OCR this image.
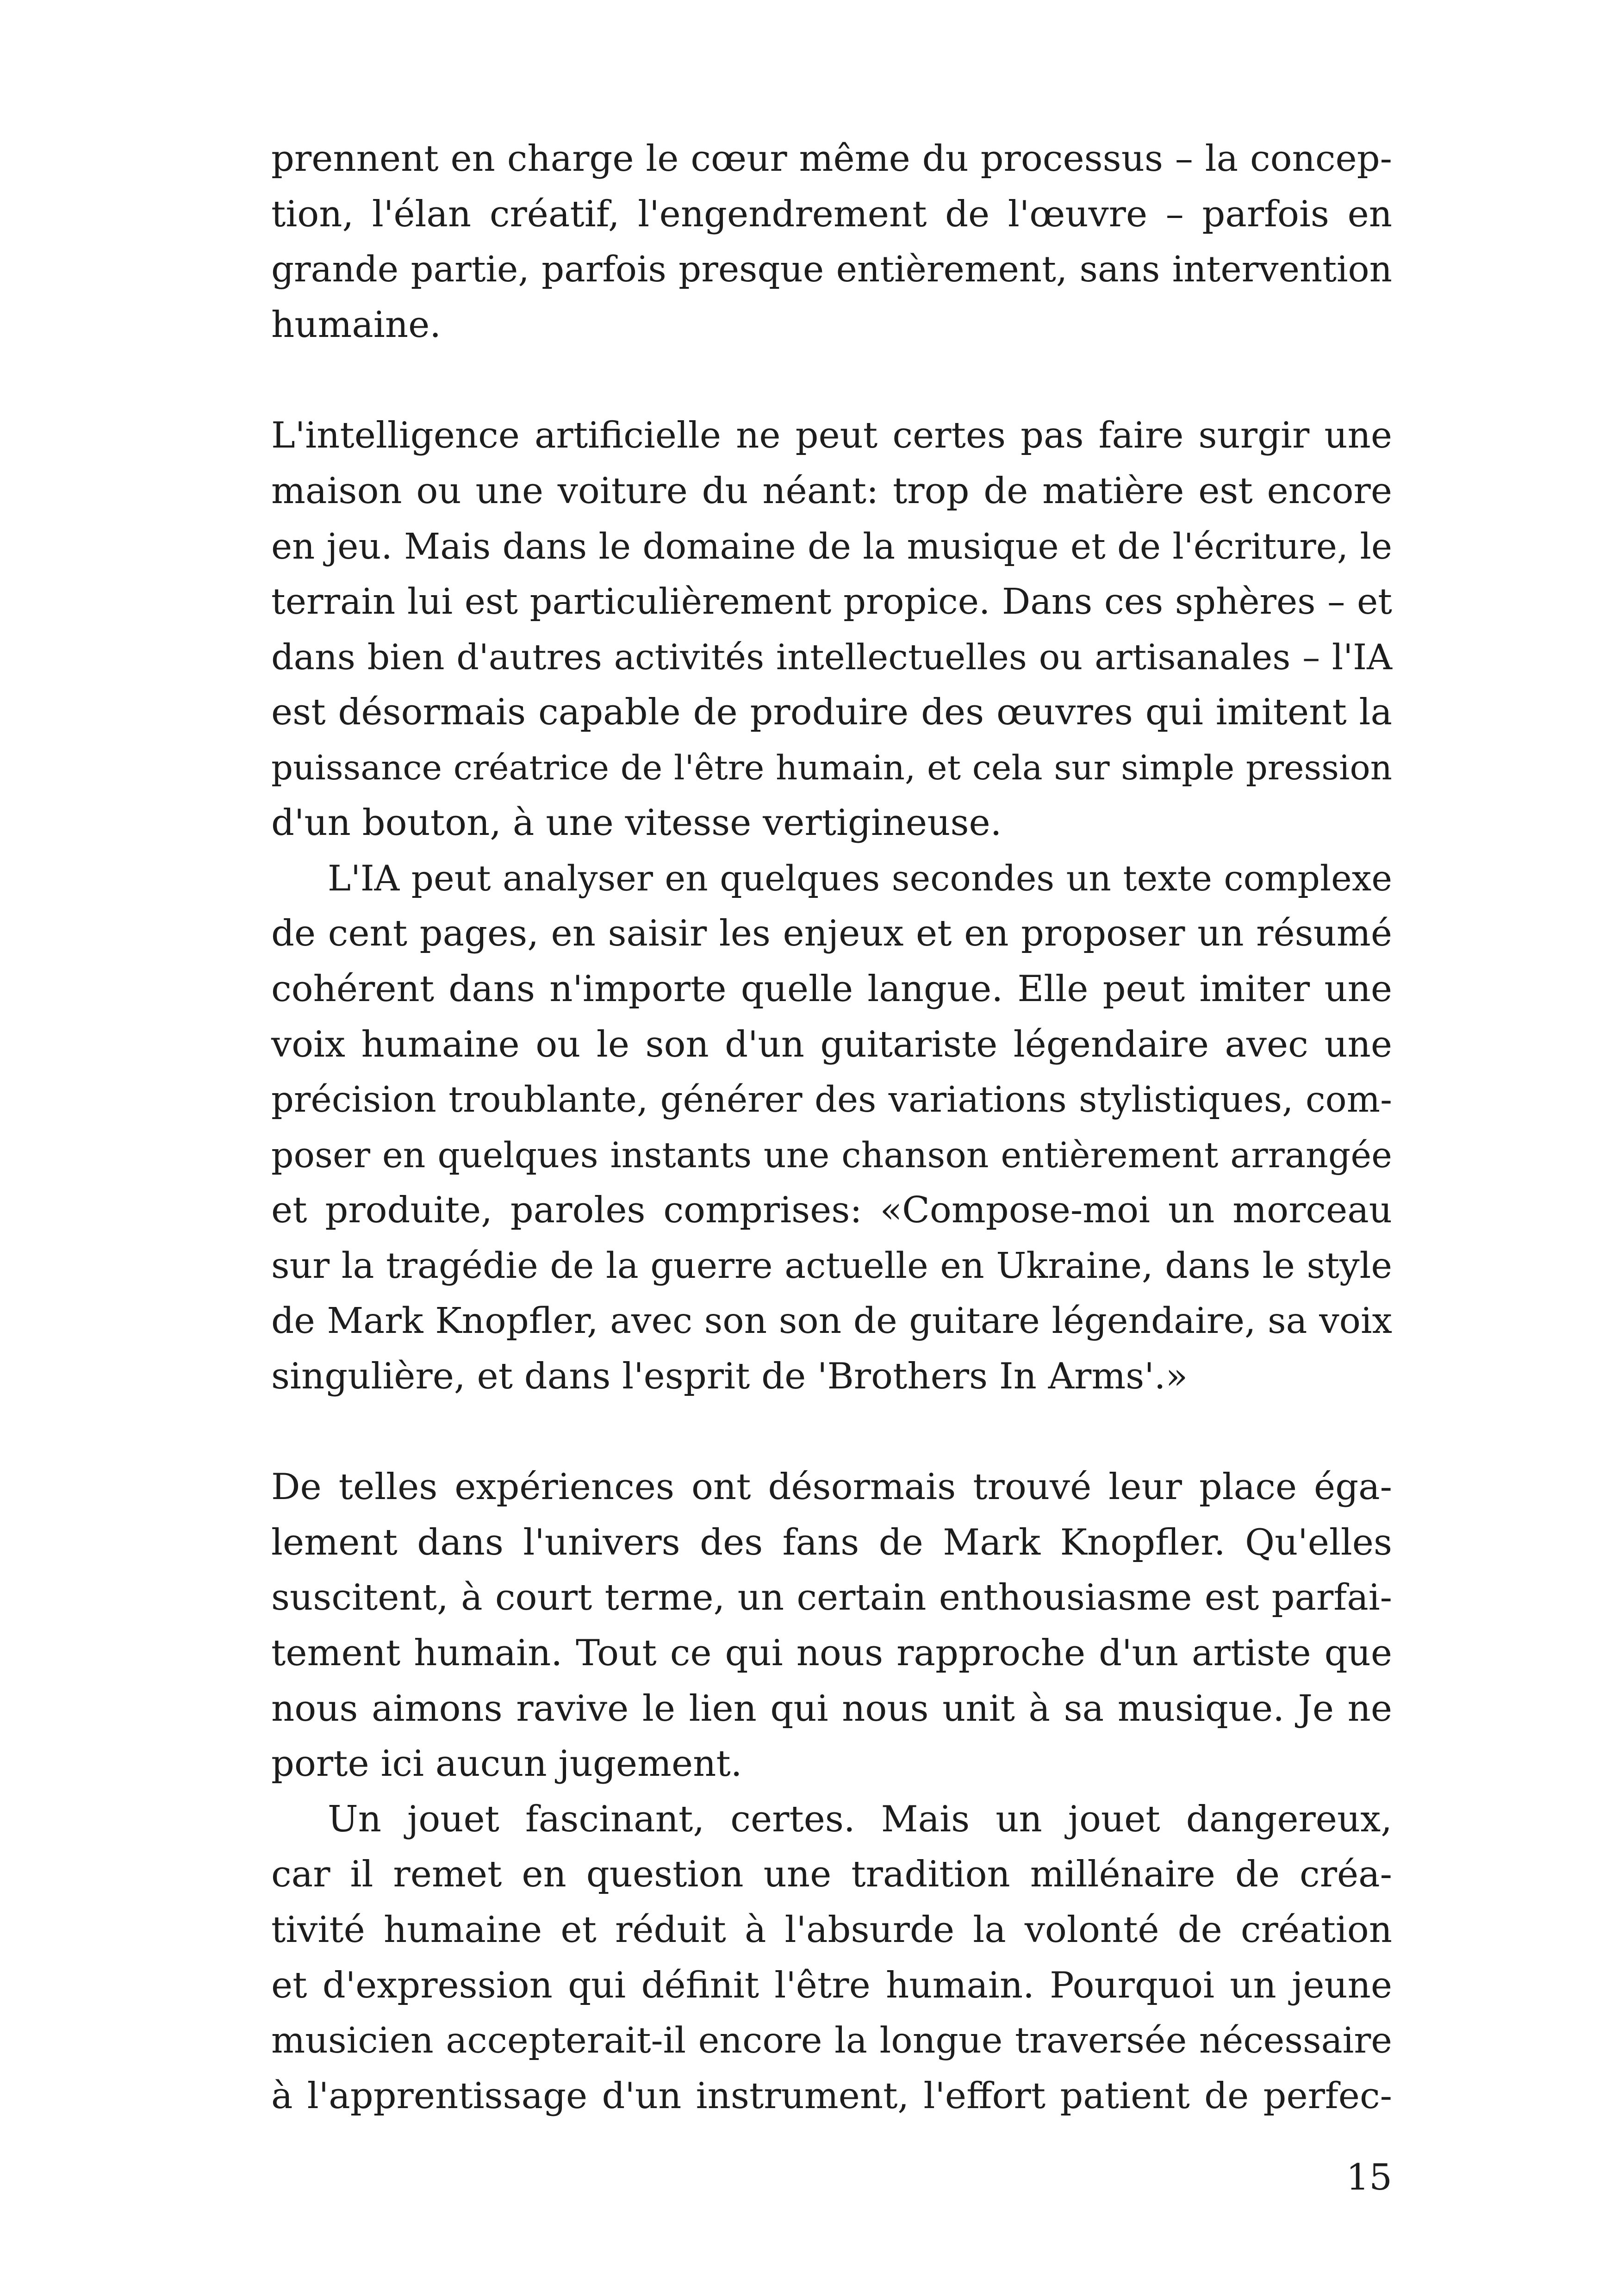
prennent en charge le cœur même du processus – la concep-
tion, l'élan créatif, l'engendrement de l'œuvre – parfois en
grande partie, parfois presque entièrement, sans intervention
humaine.
L'intelligence artificielle ne peut certes pas faire surgir une
maison ou une voiture du néant: trop de matière est encore
en jeu. Mais dans le domaine de la musique et de l'écriture, le
terrain lui est particulièrement propice. Dans ces sphères – et
dans bien d'autres activités intellectuelles ou artisanales – l'IA
est désormais capable de produire des œuvres qui imitent la
puissance créatrice de l'être humain, et cela sur simple pression
d'un bouton, à une vitesse vertigineuse.
L'IA peut analyser en quelques secondes un texte complexe
de cent pages, en saisir les enjeux et en proposer un résumé
cohérent dans n'importe quelle langue. Elle peut imiter une
voix humaine ou le son d'un guitariste légendaire avec une
précision troublante, générer des variations stylistiques, com-
poser en quelques instants une chanson entièrement arrangée
et produite, paroles comprises: «Compose-moi un morceau
sur la tragédie de la guerre actuelle en Ukraine, dans le style
de Mark Knopfler, avec son son de guitare légendaire, sa voix
singulière, et dans l'esprit de 'Brothers In Arms'.»
De telles expériences ont désormais trouvé leur place éga-
lement dans l'univers des fans de Mark Knopfler. Qu'elles
suscitent, à court terme, un certain enthousiasme est parfai-
tement humain. Tout ce qui nous rapproche d'un artiste que
nous aimons ravive le lien qui nous unit à sa musique. Je ne
porte ici aucun jugement.
Un jouet fascinant, certes. Mais un jouet dangereux,
car il remet en question une tradition millénaire de créa-
tivité humaine et réduit à l'absurde la volonté de création
et d'expression qui définit l'être humain. Pourquoi un jeune
musicien accepterait-il encore la longue traversée nécessaire
à l'apprentissage d'un instrument, l'effort patient de perfec-
15
